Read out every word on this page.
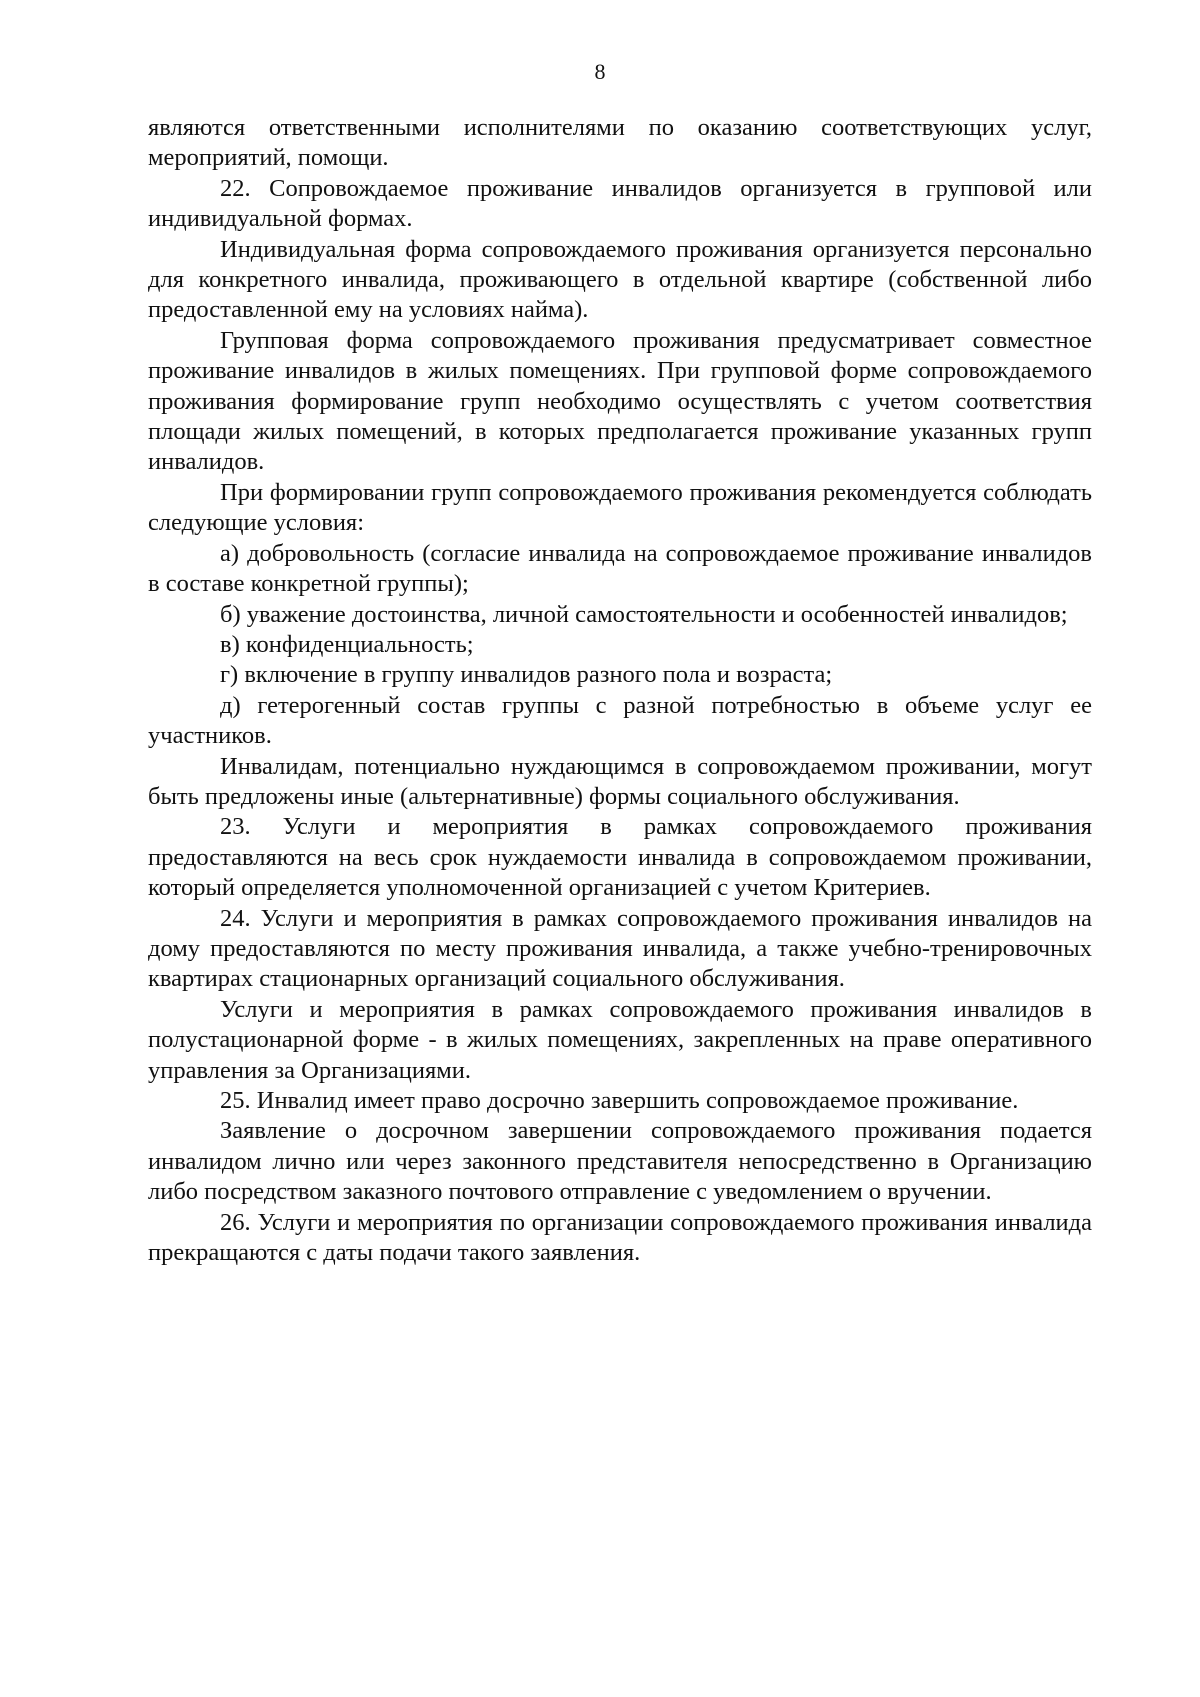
8

являются ответственными исполнителями по оказанию соответствующих услуг, мероприятий, помощи.

22. Сопровождаемое проживание инвалидов организуется в групповой или индивидуальной формах.

Индивидуальная форма сопровождаемого проживания организуется персонально для конкретного инвалида, проживающего в отдельной квартире (собственной либо предоставленной ему на условиях найма).

Групповая форма сопровождаемого проживания предусматривает совместное проживание инвалидов в жилых помещениях. При групповой форме сопровождаемого проживания формирование групп необходимо осуществлять с учетом соответствия площади жилых помещений, в которых предполагается проживание указанных групп инвалидов.

При формировании групп сопровождаемого проживания рекомендуется соблюдать следующие условия:

а) добровольность (согласие инвалида на сопровождаемое проживание инвалидов в составе конкретной группы);

б) уважение достоинства, личной самостоятельности и особенностей инвалидов;

в) конфиденциальность;

г) включение в группу инвалидов разного пола и возраста;

д) гетерогенный состав группы с разной потребностью в объеме услуг ее участников.

Инвалидам, потенциально нуждающимся в сопровождаемом проживании, могут быть предложены иные (альтернативные) формы социального обслуживания.

23. Услуги и мероприятия в рамках сопровождаемого проживания предоставляются на весь срок нуждаемости инвалида в сопровождаемом проживании, который определяется уполномоченной организацией с учетом Критериев.

24. Услуги и мероприятия в рамках сопровождаемого проживания инвалидов на дому предоставляются по месту проживания инвалида, а также учебно-тренировочных квартирах стационарных организаций социального обслуживания.

Услуги и мероприятия в рамках сопровождаемого проживания инвалидов в полустационарной форме - в жилых помещениях, закрепленных на праве оперативного управления за Организациями.

25. Инвалид имеет право досрочно завершить сопровождаемое проживание.

Заявление о досрочном завершении сопровождаемого проживания подается инвалидом лично или через законного представителя непосредственно в Организацию либо посредством заказного почтового отправление с уведомлением о вручении.

26. Услуги и мероприятия по организации сопровождаемого проживания инвалида прекращаются с даты подачи такого заявления.
